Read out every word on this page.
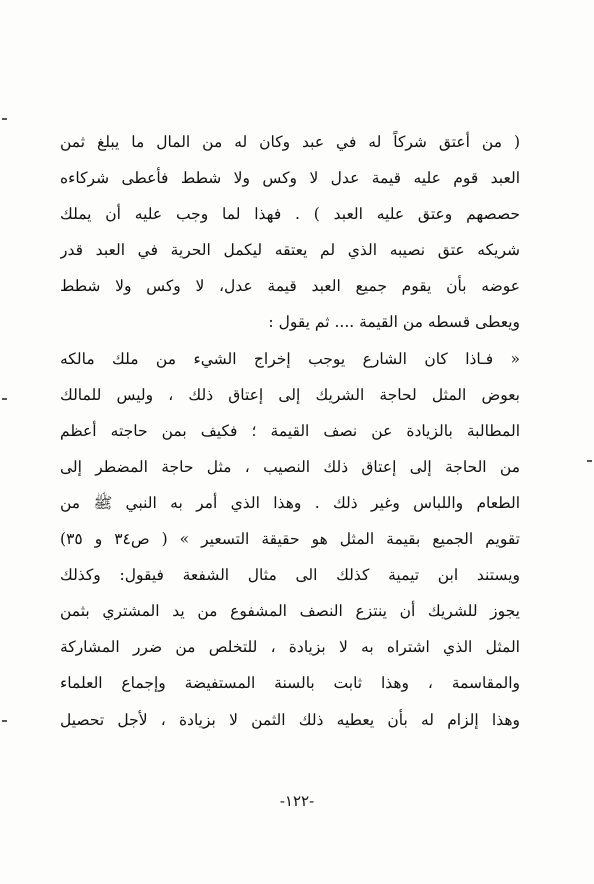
( من أعتق شركاً له في عبد وكان له من المال ما يبلغ ثمن
العبد قوم عليه قيمة عدل لا وكس ولا شطط فأعطى شركاءه
حصصهم وعتق عليه العبد ) . فهذا لما وجب عليه أن يملك
شريكه عتق نصيبه الذي لم يعتقه ليكمل الحرية في العبد قدر
عوضه بأن يقوم جميع العبد قيمة عدل، لا وكس ولا شطط
ويعطى قسطه من القيمة .... ثم يقول :
« فـاذا كان الشارع يوجب إخراج الشيء من ملك مالكه
بعوض المثل لحاجة الشريك إلى إعتاق ذلك ، وليس للمالك
المطالبة بالزيادة عن نصف القيمة ؛ فكيف بمن حاجته أعظم
من الحاجة إلى إعتاق ذلك النصيب ، مثل حاجة المضطر إلى
الطعام واللباس وغير ذلك . وهذا الذي أمر به النبي ﷺ من
تقويم الجميع بقيمة المثل هو حقيقة التسعير » ( ص٣٤ و ٣٥)
ويستند ابن تيمية كذلك الى مثال الشفعة فيقول: وكذلك
يجوز للشريك أن ينتزع النصف المشفوع من يد المشتري بثمن
المثل الذي اشتراه به لا بزيادة ، للتخلص من ضرر المشاركة
والمقاسمة ، وهذا ثابت بالسنة المستفيضة وإجماع العلماء
وهذا إلزام له بأن يعطيه ذلك الثمن لا بزيادة ، لأجل تحصيل
-١٢٢-
